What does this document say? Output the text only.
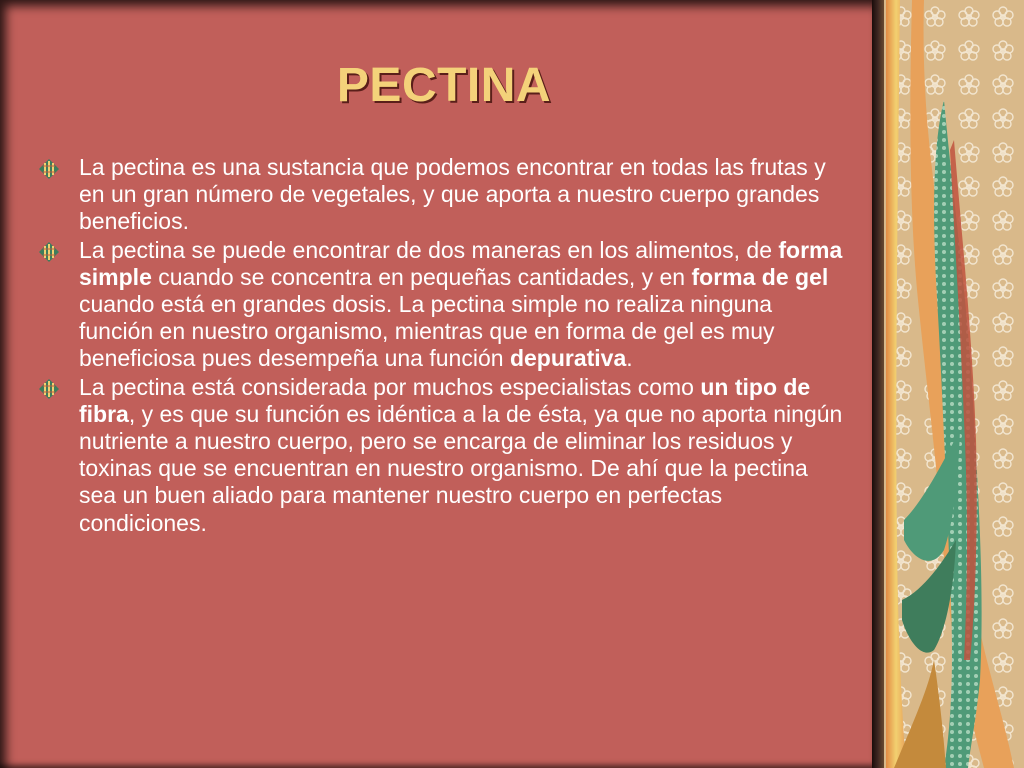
PECTINA
La pectina es una sustancia que podemos encontrar en todas las frutas y en un gran número de vegetales, y que aporta a nuestro cuerpo grandes beneficios.
La pectina se puede encontrar de dos maneras en los alimentos, de forma simple cuando se concentra en pequeñas cantidades, y en forma de gel cuando está en grandes dosis. La pectina simple no realiza ninguna función en nuestro organismo, mientras que en forma de gel es muy beneficiosa pues desempeña una función depurativa.
La pectina está considerada por muchos especialistas como un tipo de fibra, y es que su función es idéntica a la de ésta, ya que no aporta ningún nutriente a nuestro cuerpo, pero se encarga de eliminar los residuos y toxinas que se encuentran en nuestro organismo. De ahí que la pectina sea un buen aliado para mantener nuestro cuerpo en perfectas condiciones.
